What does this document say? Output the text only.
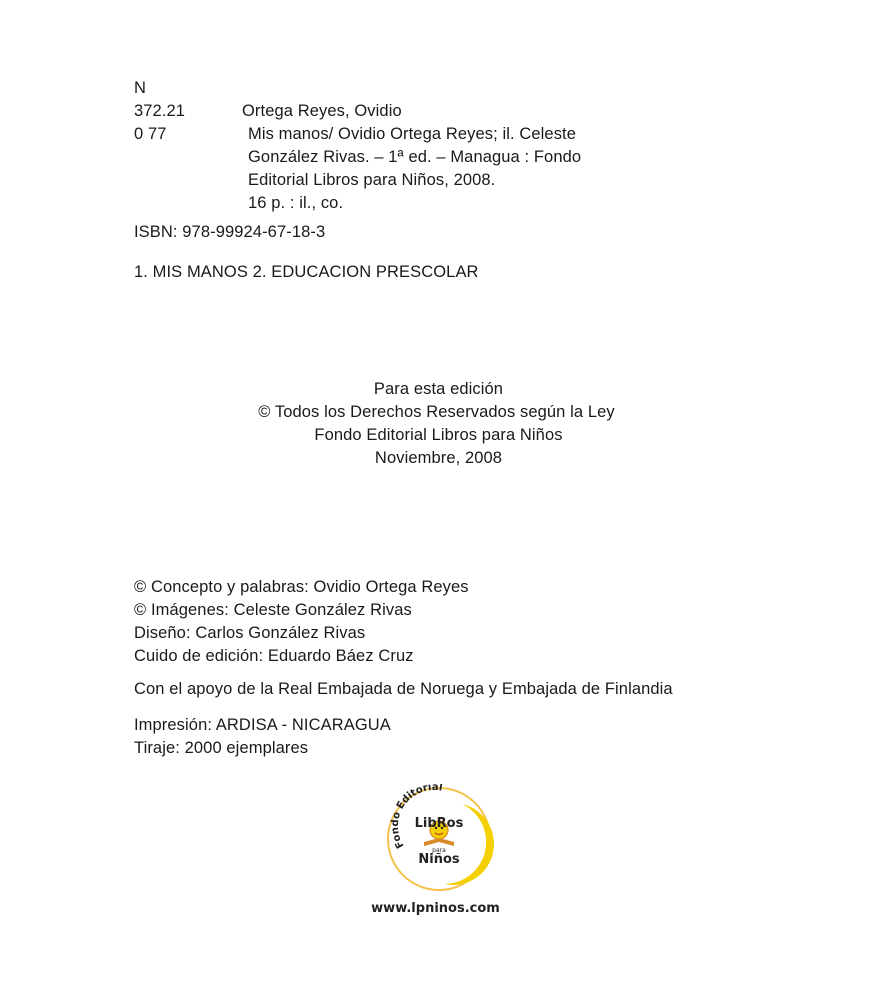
N
372.21
0 77
Ortega Reyes, Ovidio
Mis manos/ Ovidio Ortega Reyes; il. Celeste
González Rivas. – 1ª ed. – Managua : Fondo
Editorial Libros para Niños, 2008.
16 p. : il., co.
ISBN: 978-99924-67-18-3
1. MIS MANOS 2. EDUCACION PRESCOLAR
Para esta edición
© Todos los Derechos Reservados según la Ley
Fondo Editorial Libros para Niños
Noviembre, 2008
© Concepto y palabras: Ovidio Ortega Reyes
© Imágenes: Celeste González Rivas
Diseño: Carlos González Rivas
Cuido de edición: Eduardo Báez Cruz
Con el apoyo de la Real Embajada de Noruega y Embajada de Finlandia
Impresión: ARDISA - NICARAGUA
Tiraje: 2000 ejemplares
Fondo Editorial
LibRos
para
Niños
www.lpninos.com
